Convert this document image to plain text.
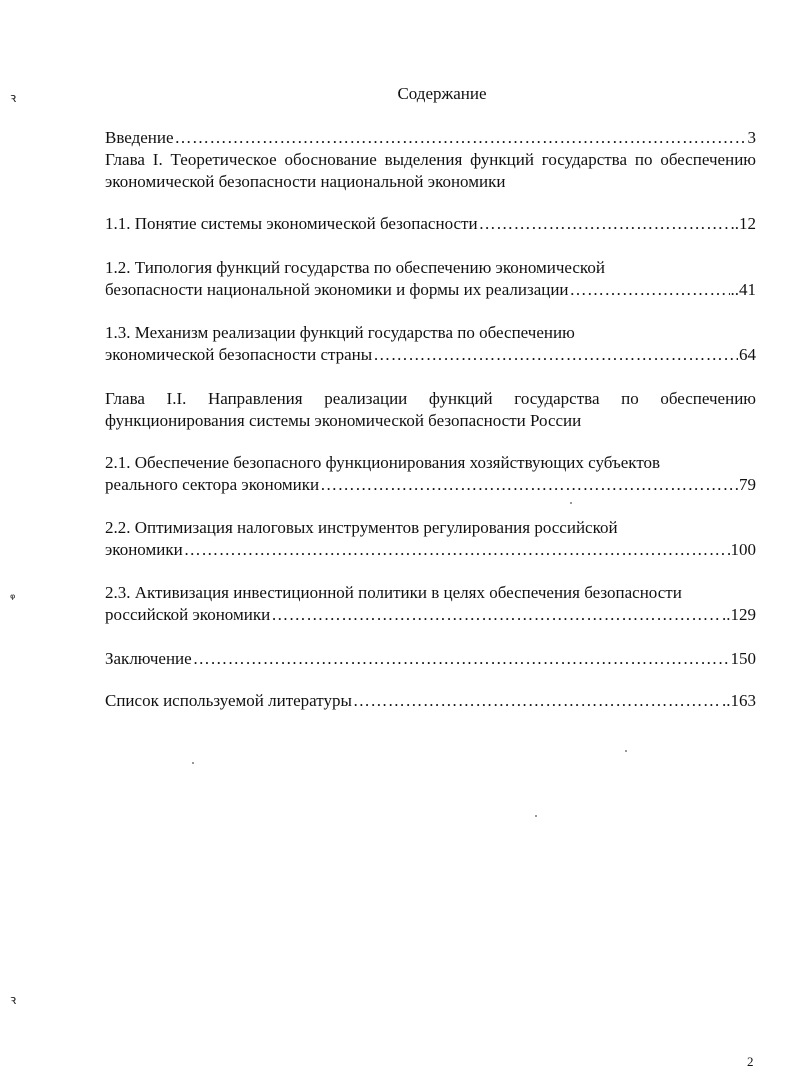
ꝛ
ᵠ
ꝛ
Содержание
Введение …………………………………………………………………………………………………………………………………………………………………………………………………………………………………	3
Глава I. Теоретическое обоснование выделения функций государства по обеспечению экономической безопасности национальной экономики
1.1. Понятие системы экономической безопасности …………………………………………………………………………………………………………………………………………………………………………………………………………………………………	..12
1.2. Типология функций государства по обеспечению экономической
безопасности национальной экономики и формы их реализации …………………………………………………………………………………………………………………………………………………………………………………………………………………………………	..41
1.3. Механизм реализации функций государства по обеспечению
экономической безопасности страны …………………………………………………………………………………………………………………………………………………………………………………………………………………………………	64
Глава I.I. Направления реализации функций государства по обеспечению функционирования системы экономической безопасности России
2.1. Обеспечение безопасного функционирования хозяйствующих субъектов
реального сектора экономики …………………………………………………………………………………………………………………………………………………………………………………………………………………………………	79
2.2. Оптимизация налоговых инструментов регулирования российской
экономики …………………………………………………………………………………………………………………………………………………………………………………………………………………………………	100
2.3. Активизация инвестиционной политики в целях обеспечения безопасности
российской экономики …………………………………………………………………………………………………………………………………………………………………………………………………………………………………	..129
Заключение …………………………………………………………………………………………………………………………………………………………………………………………………………………………………	150
Список используемой литературы …………………………………………………………………………………………………………………………………………………………………………………………………………………………………	..163
2
